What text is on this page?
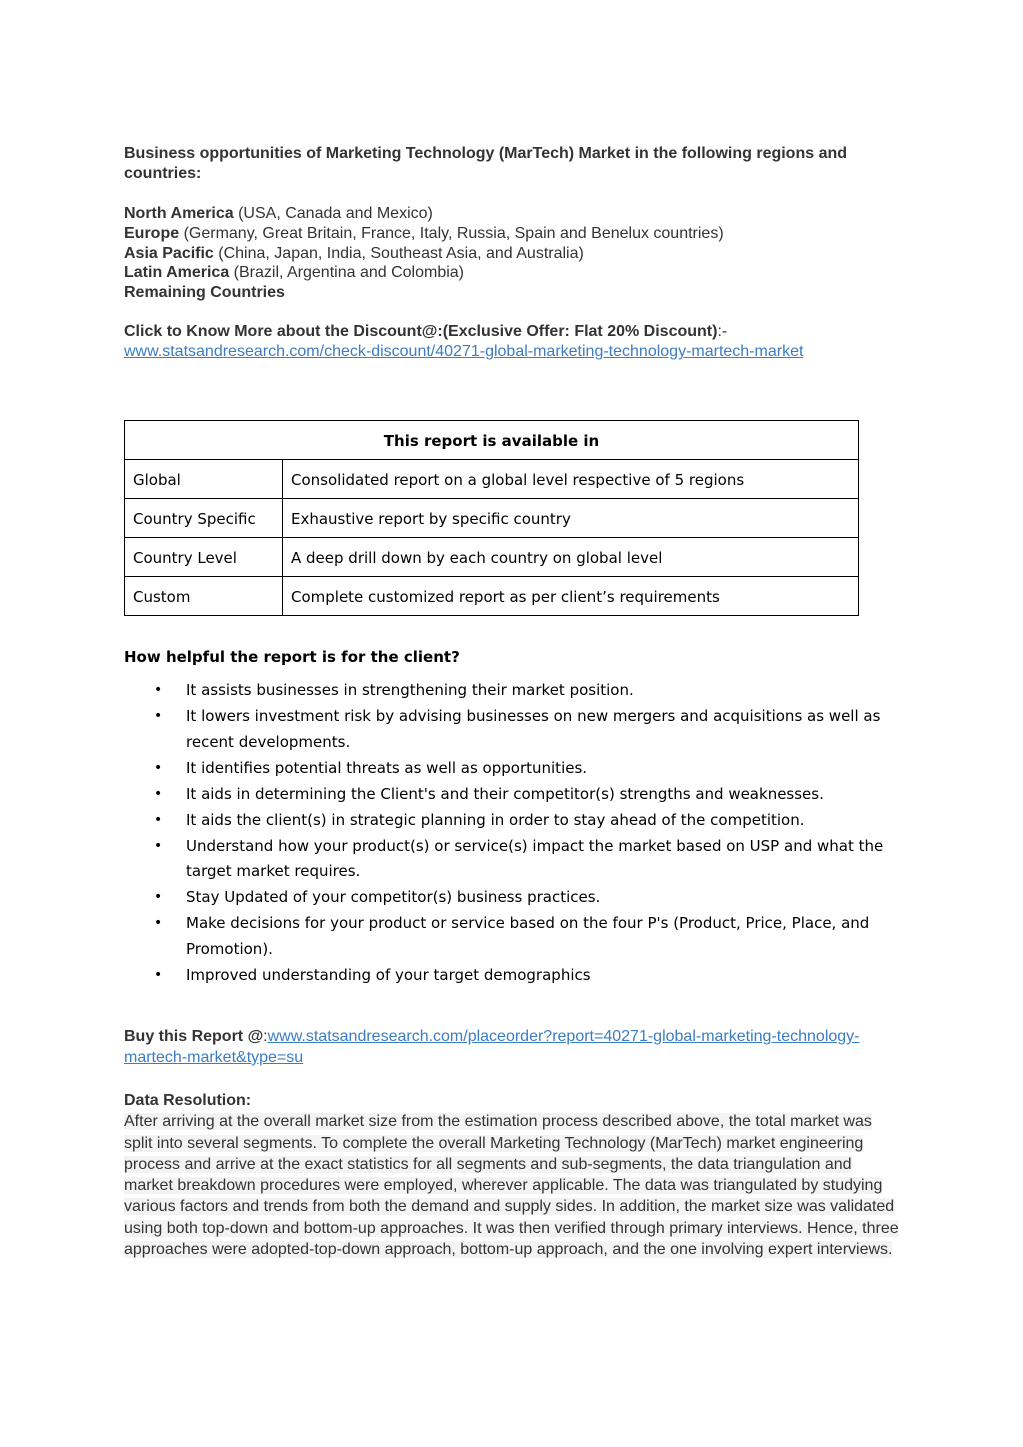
Business opportunities of Marketing Technology (MarTech) Market in the following regions and countries:

North America (USA, Canada and Mexico)
Europe (Germany, Great Britain, France, Italy, Russia, Spain and Benelux countries)
Asia Pacific (China, Japan, India, Southeast Asia, and Australia)
Latin America (Brazil, Argentina and Colombia)
Remaining Countries
Click to Know More about the Discount@:(Exclusive Offer: Flat 20% Discount):- www.statsandresearch.com/check-discount/40271-global-marketing-technology-martech-market
This report is available in	
Global	Consolidated report on a global level respective of 5 regions
Country Specific	Exhaustive report by specific country
Country Level	A deep drill down by each country on global level
Custom	Complete customized report as per client’s requirements
How helpful the report is for the client?
• It assists businesses in strengthening their market position.
• It lowers investment risk by advising businesses on new mergers and acquisitions as well as recent developments.
• It identifies potential threats as well as opportunities.
• It aids in determining the Client's and their competitor(s) strengths and weaknesses.
• It aids the client(s) in strategic planning in order to stay ahead of the competition.
• Understand how your product(s) or service(s) impact the market based on USP and what the target market requires.
• Stay Updated of your competitor(s) business practices.
• Make decisions for your product or service based on the four P's (Product, Price, Place, and Promotion).
• Improved understanding of your target demographics
Buy this Report @:www.statsandresearch.com/placeorder?report=40271-global-marketing-technology-martech-market&type=su

Data Resolution:

After arriving at the overall market size from the estimation process described above, the total market was split into several segments. To complete the overall Marketing Technology (MarTech) market engineering process and arrive at the exact statistics for all segments and sub-segments, the data triangulation and market breakdown procedures were employed, wherever applicable. The data was triangulated by studying various factors and trends from both the demand and supply sides. In addition, the market size was validated using both top-down and bottom-up approaches. It was then verified through primary interviews. Hence, three approaches were adopted-top-down approach, bottom-up approach, and the one involving expert interviews.
